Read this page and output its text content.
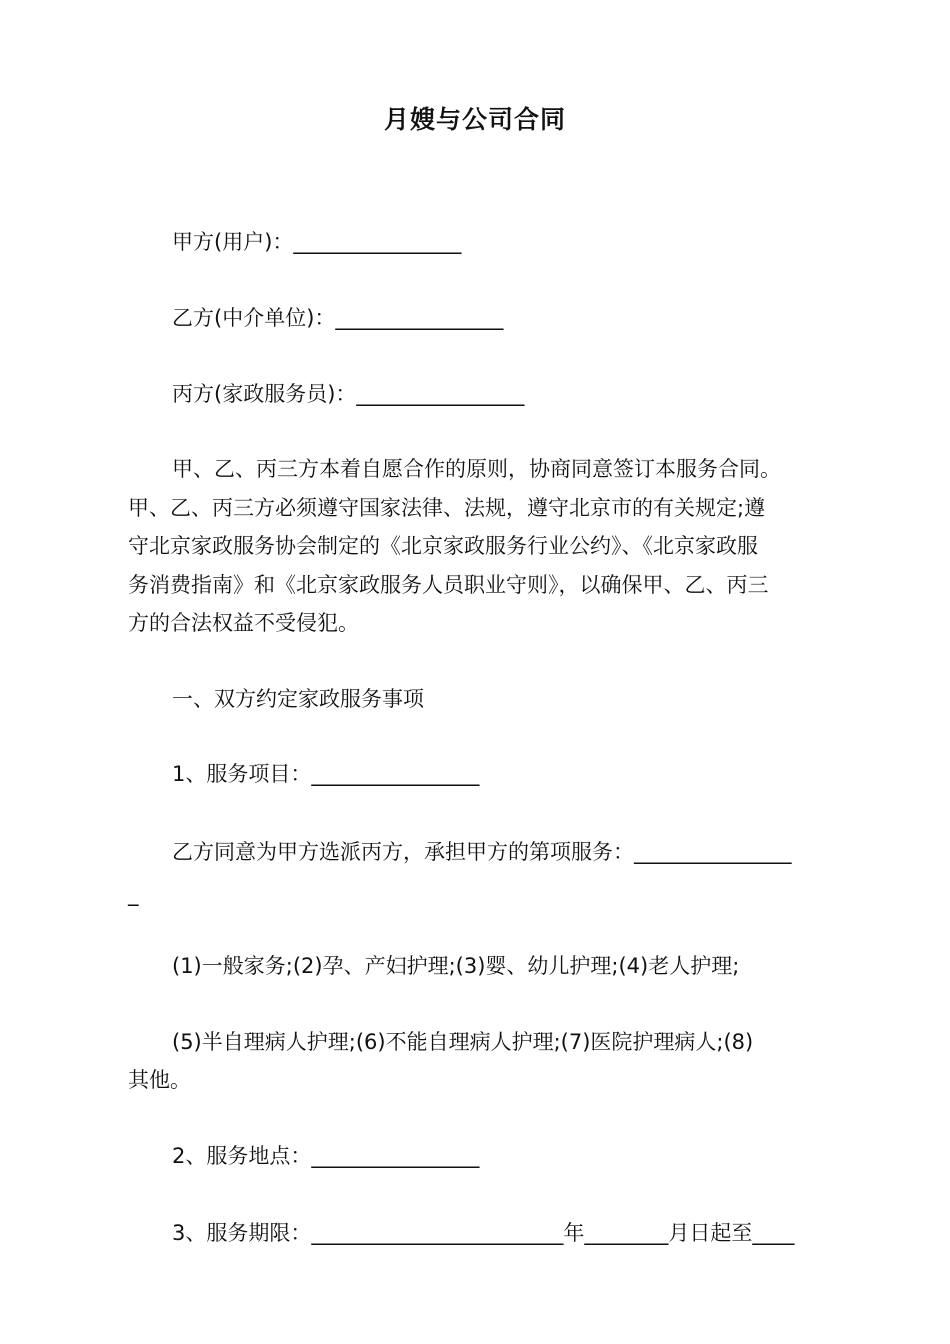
月嫂与公司合同

甲方(用户)：________________

乙方(中介单位)：________________

丙方(家政服务员)：________________

甲、乙、丙三方本着自愿合作的原则，协商同意签订本服务合同。
甲、乙、丙三方必须遵守国家法律、法规，遵守北京市的有关规定;遵
守北京家政服务协会制定的《北京家政服务行业公约》、《北京家政服
务消费指南》和《北京家政服务人员职业守则》，以确保甲、乙、丙三
方的合法权益不受侵犯。

一、双方约定家政服务事项

1、服务项目：________________

乙方同意为甲方选派丙方，承担甲方的第项服务：_______________

_

(1)一般家务;(2)孕、产妇护理;(3)婴、幼儿护理;(4)老人护理;

(5)半自理病人护理;(6)不能自理病人护理;(7)医院护理病人;(8)

其他。

2、服务地点：________________

3、服务期限：________________________年________月日起至____
